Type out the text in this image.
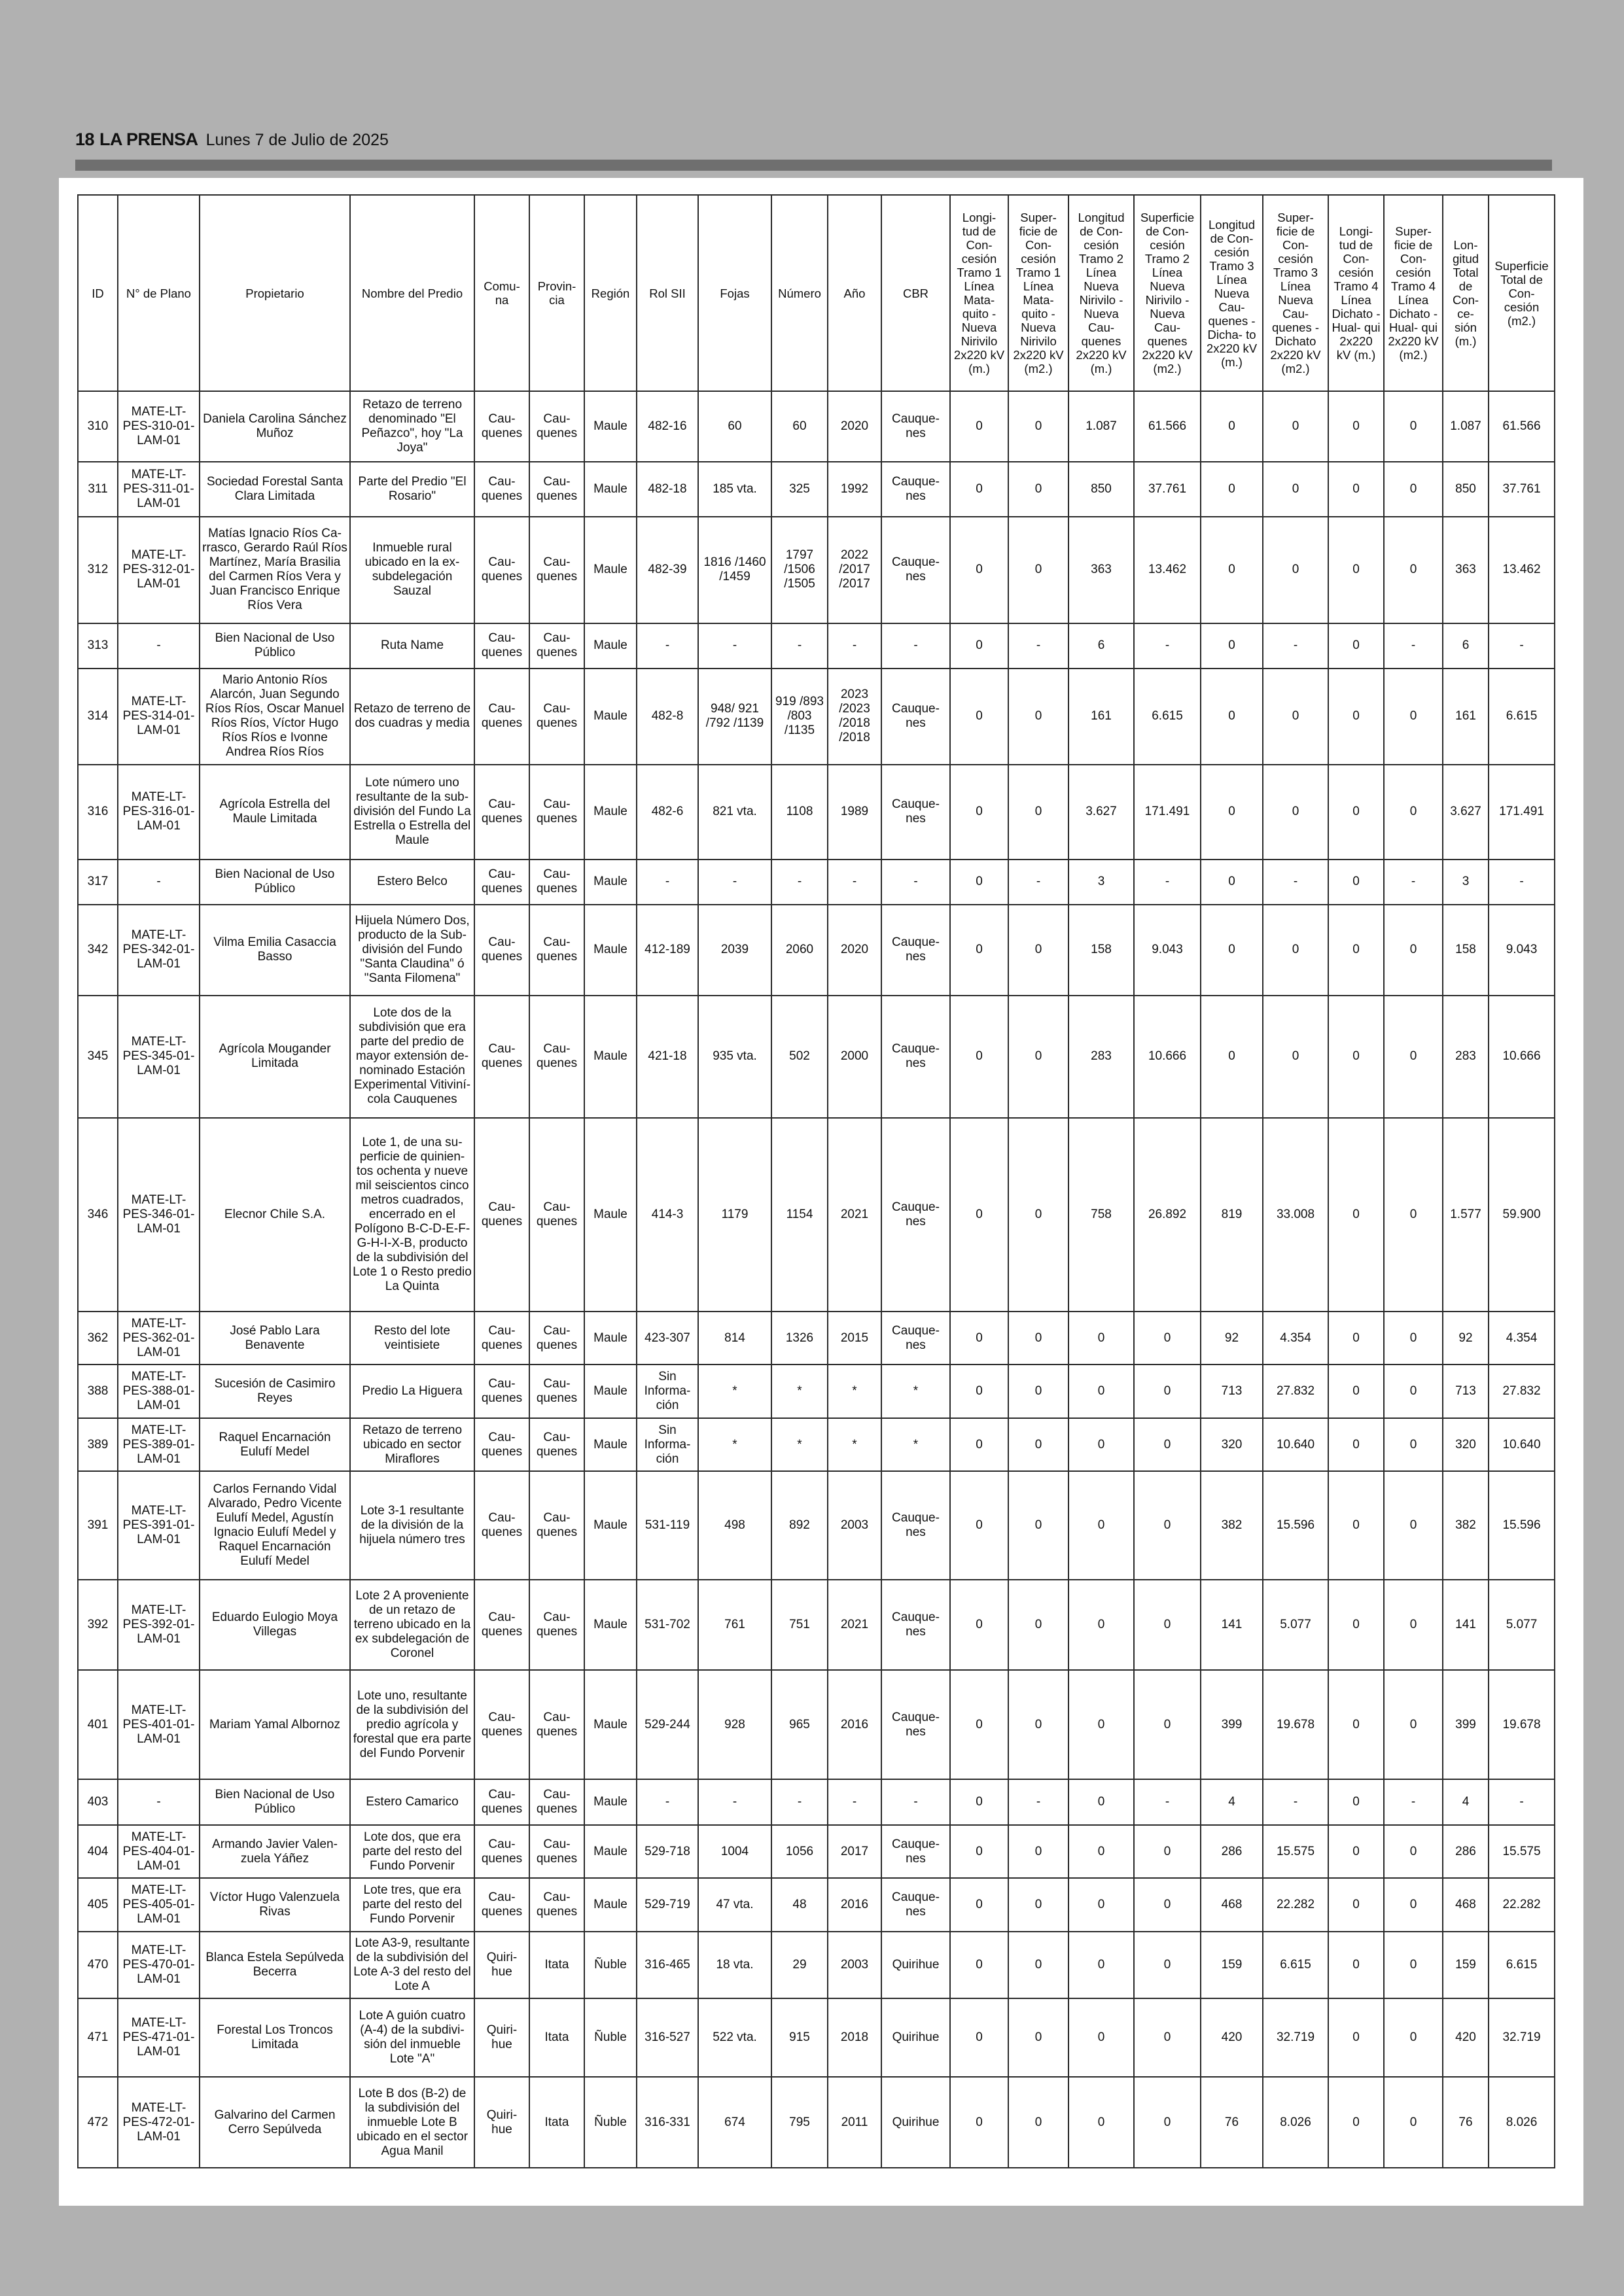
18 LA PRENSA Lunes 7 de Julio de 2025
ID	N° de Plano	Propietario	Nombre del Predio	Comu- na	Provin- cia	Región	Rol SII	Fojas	Número	Año	CBR	Longi- tud de Con- cesión Tramo 1 Línea Mata- quito - Nueva Nirivilo 2x220 kV (m.)	Super- ficie de Con- cesión Tramo 1 Línea Mata- quito - Nueva Nirivilo 2x220 kV (m2.)	Longitud de Con- cesión Tramo 2 Línea Nueva Nirivilo - Nueva Cau- quenes 2x220 kV (m.)	Superficie de Con- cesión Tramo 2 Línea Nueva Nirivilo - Nueva Cau- quenes 2x220 kV (m2.)	Longitud de Con- cesión Tramo 3 Línea Nueva Cau- quenes - Dicha- to 2x220 kV (m.)	Super- ficie de Con- cesión Tramo 3 Línea Nueva Cau- quenes - Dichato 2x220 kV (m2.)	Longi- tud de Con- cesión Tramo 4 Línea Dichato - Hual- qui 2x220 kV (m.)	Super- ficie de Con- cesión Tramo 4 Línea Dichato - Hual- qui 2x220 kV (m2.)	Lon- gitud Total de Con- ce- sión (m.)	Superficie Total de Con- cesión (m2.)
310	MATE-LT-PES-310-01-LAM-01	Daniela Carolina Sánchez Muñoz	Retazo de terreno denominado "El Peñazco", hoy "La Joya"	Cau- quenes	Cau- quenes	Maule	482-16	60	60	2020	Cauque- nes	0	0	1.087	61.566	0	0	0	0	1.087	61.566
311	MATE-LT-PES-311-01-LAM-01	Sociedad Forestal Santa Clara Limitada	Parte del Predio "El Rosario"	Cau- quenes	Cau- quenes	Maule	482-18	185 vta.	325	1992	Cauque- nes	0	0	850	37.761	0	0	0	0	850	37.761
312	MATE-LT-PES-312-01-LAM-01	Matías Ignacio Ríos Ca- rrasco, Gerardo Raúl Ríos Martínez, María Brasilia del Carmen Ríos Vera y Juan Francisco Enrique Ríos Vera	Inmueble rural ubicado en la ex- subdelegación Sauzal	Cau- quenes	Cau- quenes	Maule	482-39	1816 /1460 /1459	1797 /1506 /1505	2022 /2017 /2017	Cauque- nes	0	0	363	13.462	0	0	0	0	363	13.462
313	-	Bien Nacional de Uso Público	Ruta Name	Cau- quenes	Cau- quenes	Maule	-	-	-	-	-	0	-	6	-	0	-	0	-	6	-
314	MATE-LT-PES-314-01-LAM-01	Mario Antonio Ríos Alarcón, Juan Segundo Ríos Ríos, Oscar Manuel Ríos Ríos, Víctor Hugo Ríos Ríos e Ivonne Andrea Ríos Ríos	Retazo de terreno de dos cuadras y media	Cau- quenes	Cau- quenes	Maule	482-8	948/ 921 /792 /1139	919 /893 /803 /1135	2023 /2023 /2018 /2018	Cauque- nes	0	0	161	6.615	0	0	0	0	161	6.615
316	MATE-LT-PES-316-01-LAM-01	Agrícola Estrella del Maule Limitada	Lote número uno resultante de la sub- división del Fundo La Estrella o Estrella del Maule	Cau- quenes	Cau- quenes	Maule	482-6	821 vta.	1108	1989	Cauque- nes	0	0	3.627	171.491	0	0	0	0	3.627	171.491
317	-	Bien Nacional de Uso Público	Estero Belco	Cau- quenes	Cau- quenes	Maule	-	-	-	-	-	0	-	3	-	0	-	0	-	3	-
342	MATE-LT-PES-342-01-LAM-01	Vilma Emilia Casaccia Basso	Hijuela Número Dos, producto de la Sub- división del Fundo "Santa Claudina" ó "Santa Filomena"	Cau- quenes	Cau- quenes	Maule	412-189	2039	2060	2020	Cauque- nes	0	0	158	9.043	0	0	0	0	158	9.043
345	MATE-LT-PES-345-01-LAM-01	Agrícola Mougander Limitada	Lote dos de la subdivisión que era parte del predio de mayor extensión de- nominado Estación Experimental Vitiviní- cola Cauquenes	Cau- quenes	Cau- quenes	Maule	421-18	935 vta.	502	2000	Cauque- nes	0	0	283	10.666	0	0	0	0	283	10.666
346	MATE-LT-PES-346-01-LAM-01	Elecnor Chile S.A.	Lote 1, de una su- perficie de quinien- tos ochenta y nueve mil seiscientos cinco metros cuadrados, encerrado en el Polígono B-C-D-E-F-G-H-I-X-B, producto de la subdivisión del Lote 1 o Resto predio La Quinta	Cau- quenes	Cau- quenes	Maule	414-3	1179	1154	2021	Cauque- nes	0	0	758	26.892	819	33.008	0	0	1.577	59.900
362	MATE-LT-PES-362-01-LAM-01	José Pablo Lara Benavente	Resto del lote veintisiete	Cau- quenes	Cau- quenes	Maule	423-307	814	1326	2015	Cauque- nes	0	0	0	0	92	4.354	0	0	92	4.354
388	MATE-LT-PES-388-01-LAM-01	Sucesión de Casimiro Reyes	Predio La Higuera	Cau- quenes	Cau- quenes	Maule	Sin Informa- ción	*	*	*	*	0	0	0	0	713	27.832	0	0	713	27.832
389	MATE-LT-PES-389-01-LAM-01	Raquel Encarnación Eulufí Medel	Retazo de terreno ubicado en sector Miraflores	Cau- quenes	Cau- quenes	Maule	Sin Informa- ción	*	*	*	*	0	0	0	0	320	10.640	0	0	320	10.640
391	MATE-LT-PES-391-01-LAM-01	Carlos Fernando Vidal Alvarado, Pedro Vicente Eulufí Medel, Agustín Ignacio Eulufí Medel y Raquel Encarnación Eulufí Medel	Lote 3-1 resultante de la división de la hijuela número tres	Cau- quenes	Cau- quenes	Maule	531-119	498	892	2003	Cauque- nes	0	0	0	0	382	15.596	0	0	382	15.596
392	MATE-LT-PES-392-01-LAM-01	Eduardo Eulogio Moya Villegas	Lote 2 A proveniente de un retazo de terreno ubicado en la ex subdelegación de Coronel	Cau- quenes	Cau- quenes	Maule	531-702	761	751	2021	Cauque- nes	0	0	0	0	141	5.077	0	0	141	5.077
401	MATE-LT-PES-401-01-LAM-01	Mariam Yamal Albornoz	Lote uno, resultante de la subdivisión del predio agrícola y forestal que era parte del Fundo Porvenir	Cau- quenes	Cau- quenes	Maule	529-244	928	965	2016	Cauque- nes	0	0	0	0	399	19.678	0	0	399	19.678
403	-	Bien Nacional de Uso Público	Estero Camarico	Cau- quenes	Cau- quenes	Maule	-	-	-	-	-	0	-	0	-	4	-	0	-	4	-
404	MATE-LT-PES-404-01-LAM-01	Armando Javier Valen- zuela Yáñez	Lote dos, que era parte del resto del Fundo Porvenir	Cau- quenes	Cau- quenes	Maule	529-718	1004	1056	2017	Cauque- nes	0	0	0	0	286	15.575	0	0	286	15.575
405	MATE-LT-PES-405-01-LAM-01	Víctor Hugo Valenzuela Rivas	Lote tres, que era parte del resto del Fundo Porvenir	Cau- quenes	Cau- quenes	Maule	529-719	47 vta.	48	2016	Cauque- nes	0	0	0	0	468	22.282	0	0	468	22.282
470	MATE-LT-PES-470-01-LAM-01	Blanca Estela Sepúlveda Becerra	Lote A3-9, resultante de la subdivisión del Lote A-3 del resto del Lote A	Quiri- hue	Itata	Ñuble	316-465	18 vta.	29	2003	Quirihue	0	0	0	0	159	6.615	0	0	159	6.615
471	MATE-LT-PES-471-01-LAM-01	Forestal Los Troncos Limitada	Lote A guión cuatro (A-4) de la subdivi- sión del inmueble Lote "A"	Quiri- hue	Itata	Ñuble	316-527	522 vta.	915	2018	Quirihue	0	0	0	0	420	32.719	0	0	420	32.719
472	MATE-LT-PES-472-01-LAM-01	Galvarino del Carmen Cerro Sepúlveda	Lote B dos (B-2) de la subdivisión del inmueble Lote B ubicado en el sector Agua Manil	Quiri- hue	Itata	Ñuble	316-331	674	795	2011	Quirihue	0	0	0	0	76	8.026	0	0	76	8.026
